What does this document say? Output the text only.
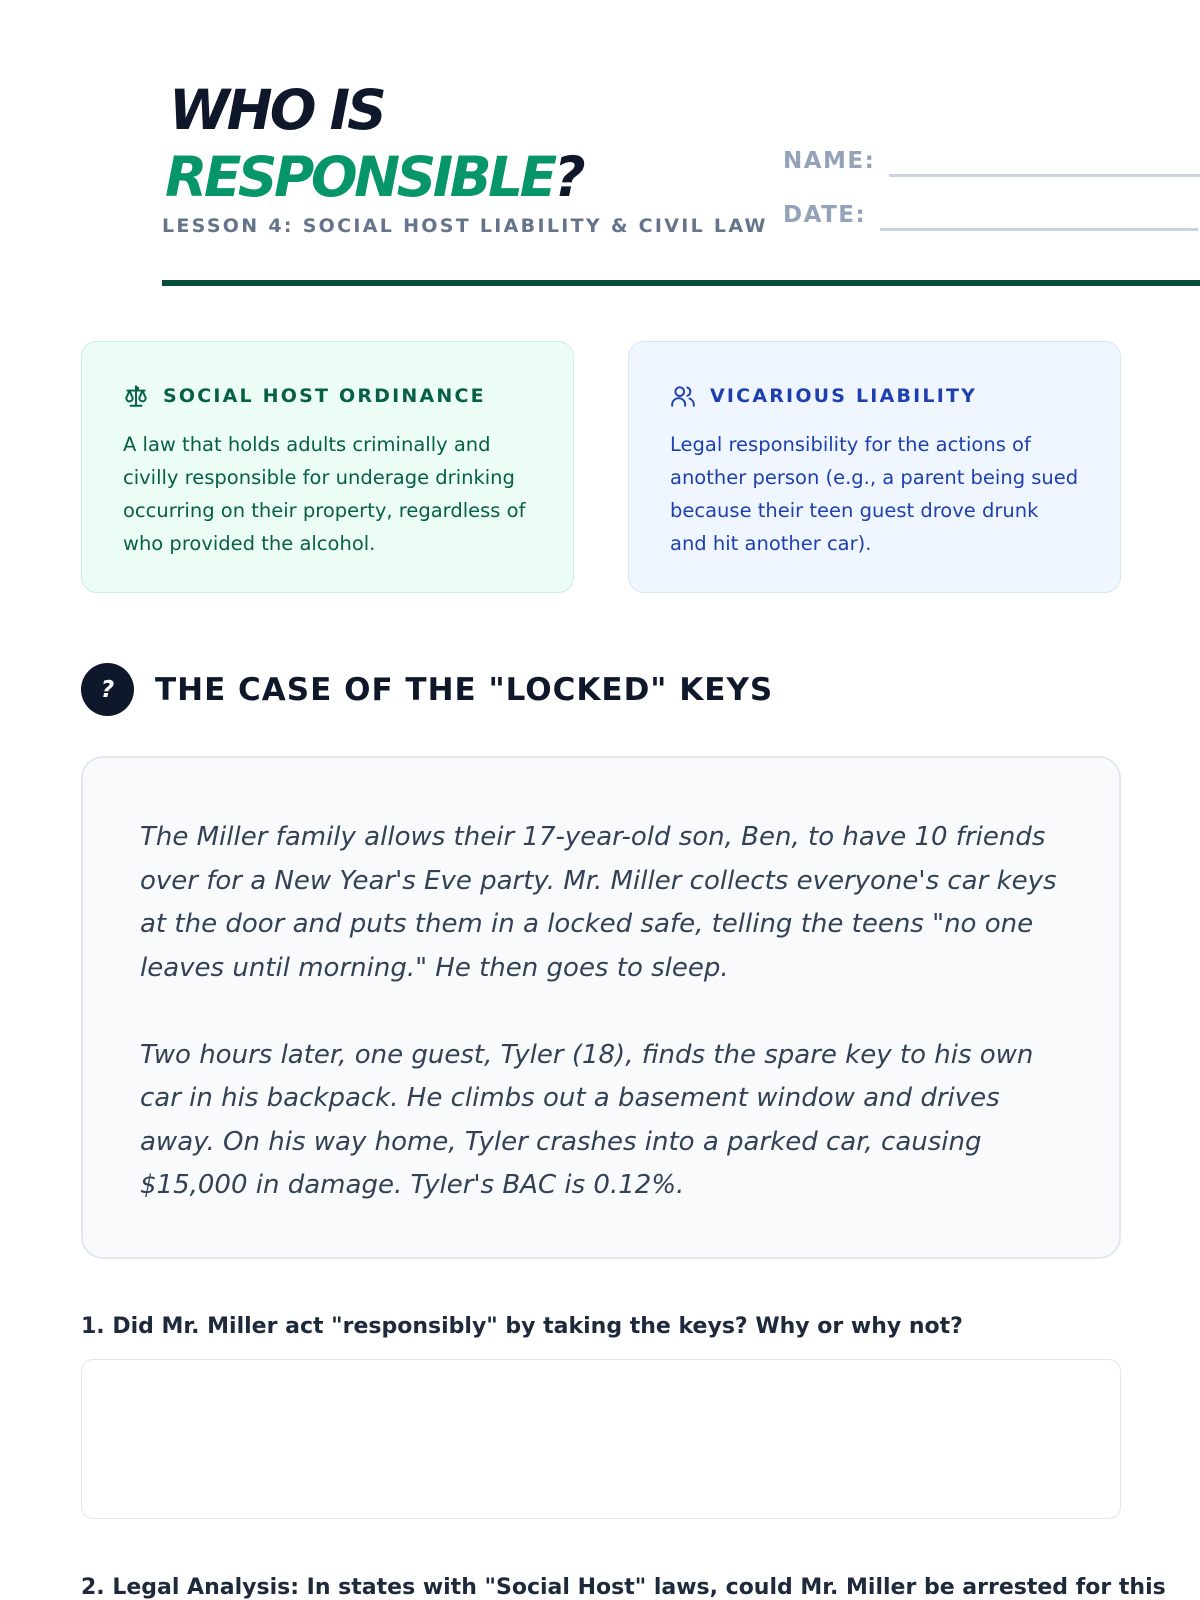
WHO IS
RESPONSIBLE?
LESSON 4: SOCIAL HOST LIABILITY & CIVIL LAW
NAME:
DATE:
SOCIAL HOST ORDINANCE
A law that holds adults criminally and civilly responsible for underage drinking occurring on their property, regardless of who provided the alcohol.
VICARIOUS LIABILITY
Legal responsibility for the actions of another person (e.g., a parent being sued because their teen guest drove drunk and hit another car).
?	THE CASE OF THE "LOCKED" KEYS

The Miller family allows their 17-year-old son, Ben, to have 10 friends over for a New Year's Eve party. Mr. Miller collects everyone's car keys at the door and puts them in a locked safe, telling the teens "no one leaves until morning." He then goes to sleep.

Two hours later, one guest, Tyler (18), finds the spare key to his own car in his backpack. He climbs out a basement window and drives away. On his way home, Tyler crashes into a parked car, causing $15,000 in damage. Tyler's BAC is 0.12%.

1. Did Mr. Miller act "responsibly" by taking the keys? Why or why not?
2. Legal Analysis: In states with "Social Host" laws, could Mr. Miller be arrested for this
